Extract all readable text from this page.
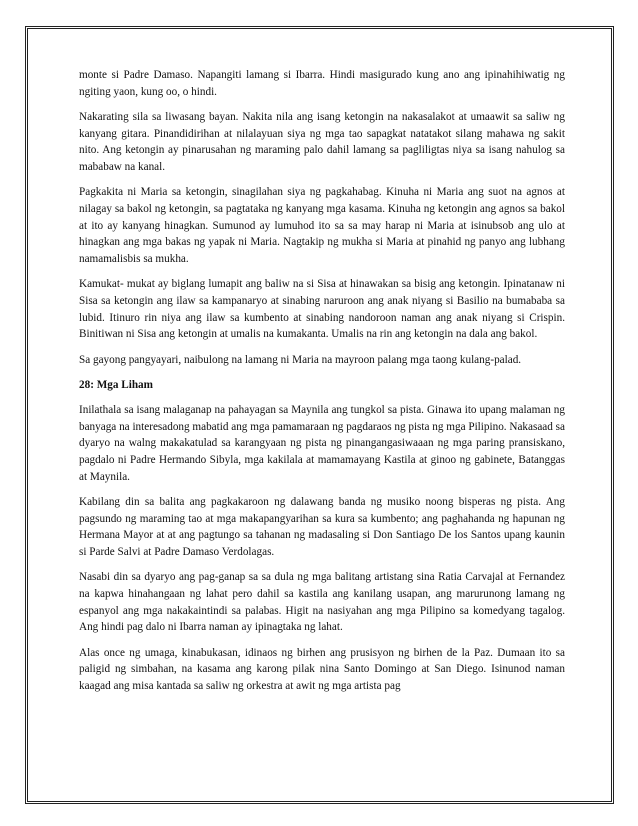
monte si Padre Damaso. Napangiti lamang si Ibarra. Hindi masigurado kung ano ang ipinahihiwatig ng ngiting yaon, kung oo, o hindi.

Nakarating sila sa liwasang bayan. Nakita nila ang isang ketongin na nakasalakot at umaawit sa saliw ng kanyang gitara. Pinandidirihan at nilalayuan siya ng mga tao sapagkat natatakot silang mahawa ng sakit nito. Ang ketongin ay pinarusahan ng maraming palo dahil lamang sa pagliligtas niya sa isang nahulog sa mababaw na kanal.

Pagkakita ni Maria sa ketongin, sinagilahan siya ng pagkahabag. Kinuha ni Maria ang suot na agnos at nilagay sa bakol ng ketongin, sa pagtataka ng kanyang mga kasama. Kinuha ng ketongin ang agnos sa bakol at ito ay kanyang hinagkan. Sumunod ay lumuhod ito sa sa may harap ni Maria at isinubsob ang ulo at hinagkan ang mga bakas ng yapak ni Maria. Nagtakip ng mukha si Maria at pinahid ng panyo ang lubhang namamalisbis sa mukha.

Kamukat- mukat ay biglang lumapit ang baliw na si Sisa at hinawakan sa bisig ang ketongin. Ipinatanaw ni Sisa sa ketongin ang ilaw sa kampanaryo at sinabing naruroon ang anak niyang si Basilio na bumababa sa lubid. Itinuro rin niya ang ilaw sa kumbento at sinabing nandoroon naman ang anak niyang si Crispin. Binitiwan ni Sisa ang ketongin at umalis na kumakanta. Umalis na rin ang ketongin na dala ang bakol.

Sa gayong pangyayari, naibulong na lamang ni Maria na mayroon palang mga taong kulang-palad.

28: Mga Liham

Inilathala sa isang malaganap na pahayagan sa Maynila ang tungkol sa pista. Ginawa ito upang malaman ng banyaga na interesadong mabatid ang mga pamamaraan ng pagdaraos ng pista ng mga Pilipino. Nakasaad sa dyaryo na walng makakatulad sa karangyaan ng pista ng pinangangasiwaaan ng mga paring pransiskano, pagdalo ni Padre Hermando Sibyla, mga kakilala at mamamayang Kastila at ginoo ng gabinete, Batanggas at Maynila.

Kabilang din sa balita ang pagkakaroon ng dalawang banda ng musiko noong bisperas ng pista. Ang pagsundo ng maraming tao at mga makapangyarihan sa kura sa kumbento; ang paghahanda ng hapunan ng Hermana Mayor at at ang pagtungo sa tahanan ng madasaling si Don Santiago De los Santos upang kaunin si Parde Salvi at Padre Damaso Verdolagas.

Nasabi din sa dyaryo ang pag-ganap sa sa dula ng mga balitang artistang sina Ratia Carvajal at Fernandez na kapwa hinahangaan ng lahat pero dahil sa kastila ang kanilang usapan, ang marurunong lamang ng espanyol ang mga nakakaintindi sa palabas. Higit na nasiyahan ang mga Pilipino sa komedyang tagalog. Ang hindi pag dalo ni Ibarra naman ay ipinagtaka ng lahat.

Alas once ng umaga, kinabukasan, idinaos ng birhen ang prusisyon ng birhen de la Paz. Dumaan ito sa paligid ng simbahan, na kasama ang karong pilak nina Santo Domingo at San Diego. Isinunod naman kaagad ang misa kantada sa saliw ng orkestra at awit ng mga artista pag
